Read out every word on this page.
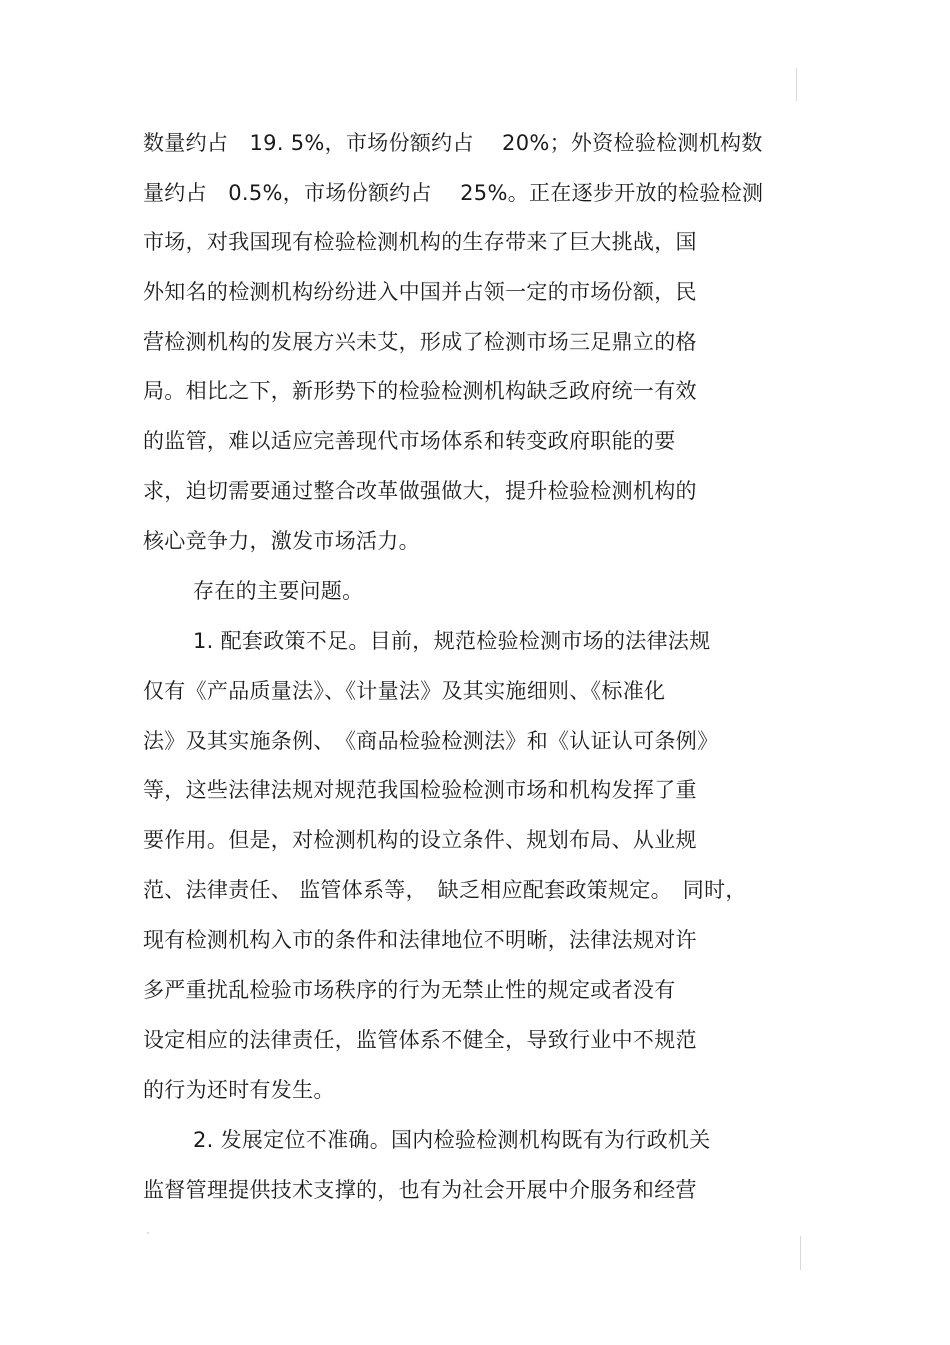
数量约占　19. 5%，市场份额约占　 20%；外资检验检测机构数
量约占　0.5%，市场份额约占　 25%。正在逐步开放的检验检测
市场，对我国现有检验检测机构的生存带来了巨大挑战，国
外知名的检测机构纷纷进入中国并占领一定的市场份额，民
营检测机构的发展方兴未艾，形成了检测市场三足鼎立的格
局。相比之下，新形势下的检验检测机构缺乏政府统一有效
的监管，难以适应完善现代市场体系和转变政府职能的要
求，迫切需要通过整合改革做强做大，提升检验检测机构的
核心竞争力，激发市场活力。
存在的主要问题。
1. 配套政策不足。目前，规范检验检测市场的法律法规
仅有《产品质量法》、《计量法》及其实施细则、《标准化
法》及其实施条例、　《商品检验检测法》和《认证认可条例》
等，这些法律法规对规范我国检验检测市场和机构发挥了重
要作用。但是，对检测机构的设立条件、规划布局、从业规
范、法律责任、 监管体系等，　缺乏相应配套政策规定。　同时，
现有检测机构入市的条件和法律地位不明晰，法律法规对许
多严重扰乱检验市场秩序的行为无禁止性的规定或者没有
设定相应的法律责任，监管体系不健全，导致行业中不规范
的行为还时有发生。
2. 发展定位不准确。国内检验检测机构既有为行政机关
监督管理提供技术支撑的，也有为社会开展中介服务和经营
